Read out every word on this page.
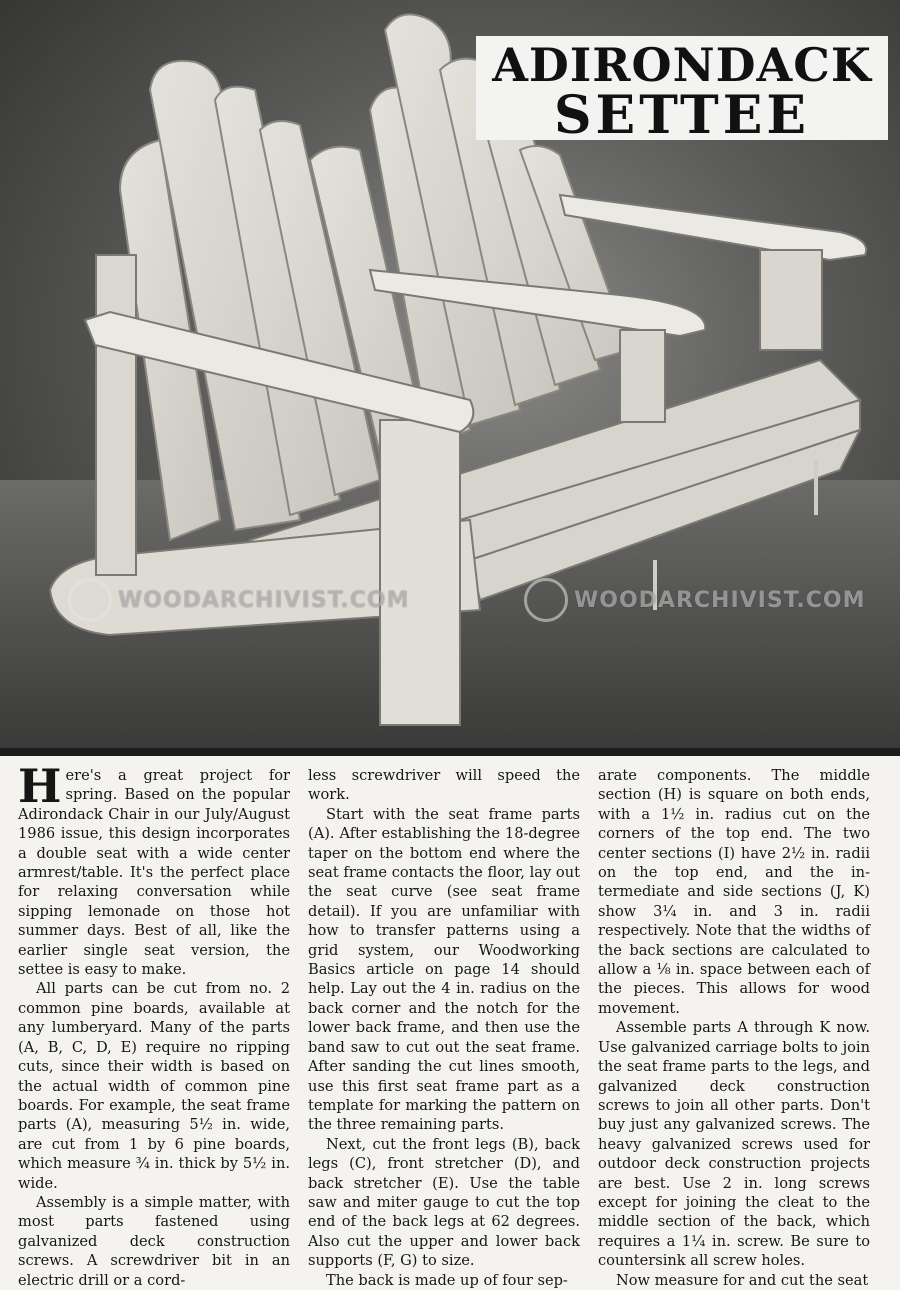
ADIRONDACK
SETTEE
WOODARCHIVIST.COM	WOODARCHIVIST.COM

Here's a great project for spring. Based on the popular Adirondack Chair in our July/August 1986 issue, this design incorporates a double seat with a wide center armrest/table. It's the perfect place for relaxing conversation while sipping lemonade on those hot summer days. Best of all, like the earlier single seat version, the settee is easy to make.

All parts can be cut from no. 2 common pine boards, available at any lumberyard. Many of the parts (A, B, C, D, E) require no ripping cuts, since their width is based on the actual width of common pine boards. For example, the seat frame parts (A), measuring 5½ in. wide, are cut from 1 by 6 pine boards, which measure ¾ in. thick by 5½ in. wide.

Assembly is a simple matter, with most parts fastened using galvanized deck construction screws. A screwdriver bit in an electric drill or a cord-

less screwdriver will speed the work.

Start with the seat frame parts (A). After establishing the 18-degree taper on the bottom end where the seat frame contacts the floor, lay out the seat curve (see seat frame detail). If you are unfamiliar with how to transfer patterns using a grid system, our Woodworking Basics article on page 14 should help. Lay out the 4 in. radius on the back corner and the notch for the lower back frame, and then use the band saw to cut out the seat frame. After sanding the cut lines smooth, use this first seat frame part as a template for marking the pattern on the three remaining parts.

Next, cut the front legs (B), back legs (C), front stretcher (D), and back stretcher (E). Use the table saw and miter gauge to cut the top end of the back legs at 62 degrees. Also cut the upper and lower back supports (F, G) to size.

The back is made up of four sep-

arate components. The middle section (H) is square on both ends, with a 1½ in. radius cut on the corners of the top end. The two center sections (I) have 2½ in. radii on the top end, and the intermediate and side sections (J, K) show 3¼ in. and 3 in. radii respectively. Note that the widths of the back sections are calculated to allow a ⅛ in. space between each of the pieces. This allows for wood movement.

Assemble parts A through K now. Use galvanized carriage bolts to join the seat frame parts to the legs, and galvanized deck construction screws to join all other parts. Don't buy just any galvanized screws. The heavy galvanized screws used for outdoor deck construction projects are best. Use 2 in. long screws except for joining the cleat to the middle section of the back, which requires a 1¼ in. screw. Be sure to countersink all screw holes.

Now measure for and cut the seat
